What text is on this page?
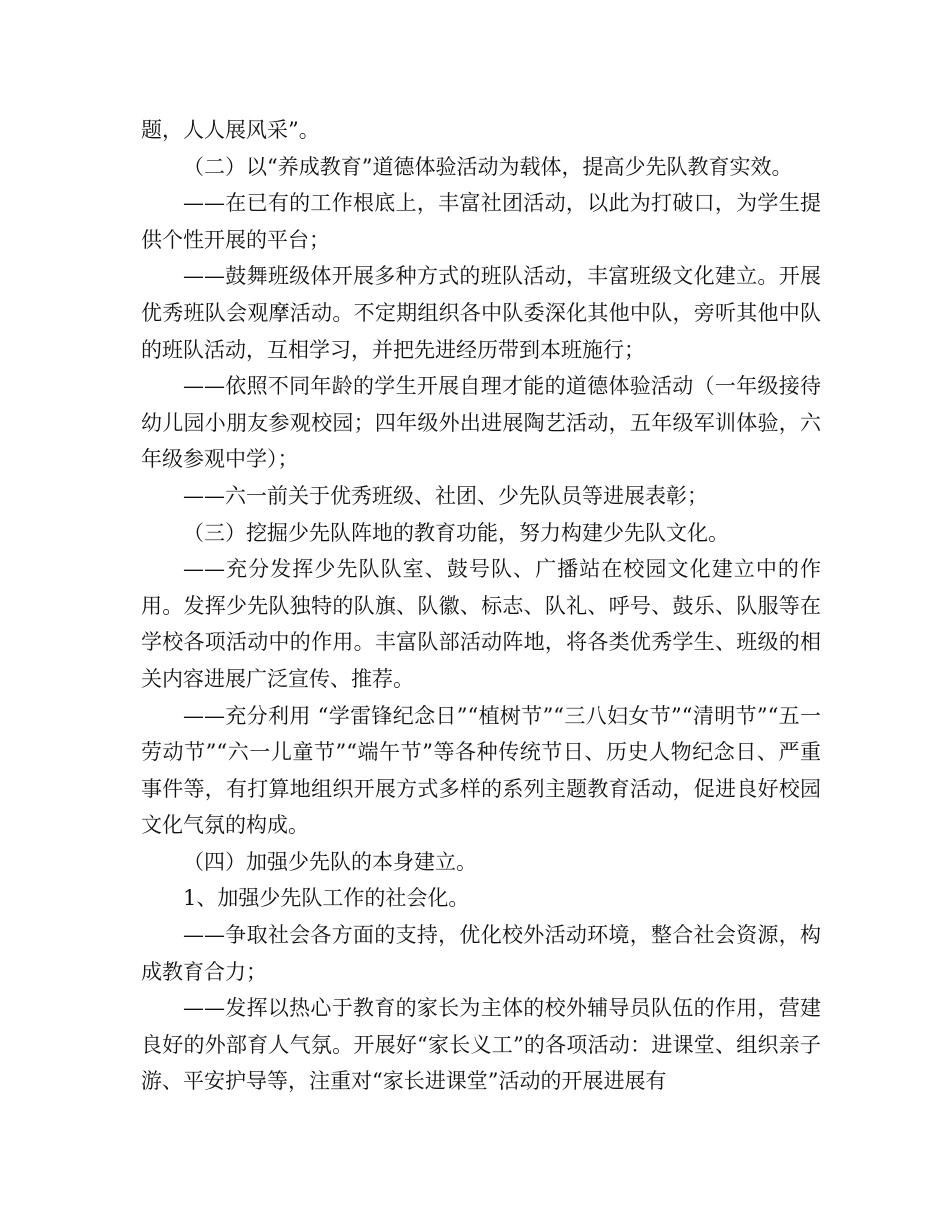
题，人人展风采”。

（二）以“养成教育”道德体验活动为载体，提高少先队教育实效。

——在已有的工作根底上，丰富社团活动，以此为打破口，为学生提供个性开展的平台；

——鼓舞班级体开展多种方式的班队活动，丰富班级文化建立。开展优秀班队会观摩活动。不定期组织各中队委深化其他中队，旁听其他中队的班队活动，互相学习，并把先进经历带到本班施行；

——依照不同年龄的学生开展自理才能的道德体验活动（一年级接待幼儿园小朋友参观校园；四年级外出进展陶艺活动，五年级军训体验，六年级参观中学）；

——六一前关于优秀班级、社团、少先队员等进展表彰；

（三）挖掘少先队阵地的教育功能，努力构建少先队文化。

——充分发挥少先队队室、鼓号队、广播站在校园文化建立中的作用。发挥少先队独特的队旗、队徽、标志、队礼、呼号、鼓乐、队服等在学校各项活动中的作用。丰富队部活动阵地，将各类优秀学生、班级的相关内容进展广泛宣传、推荐。

——充分利用 “学雷锋纪念日”“植树节”“三八妇女节”“清明节”“五一劳动节”“六一儿童节”“端午节”等各种传统节日、历史人物纪念日、严重事件等，有打算地组织开展方式多样的系列主题教育活动，促进良好校园文化气氛的构成。

（四）加强少先队的本身建立。

1、加强少先队工作的社会化。

——争取社会各方面的支持，优化校外活动环境，整合社会资源，构成教育合力；

——发挥以热心于教育的家长为主体的校外辅导员队伍的作用，营建良好的外部育人气氛。开展好“家长义工”的各项活动：进课堂、组织亲子游、平安护导等，注重对“家长进课堂”活动的开展进展有
